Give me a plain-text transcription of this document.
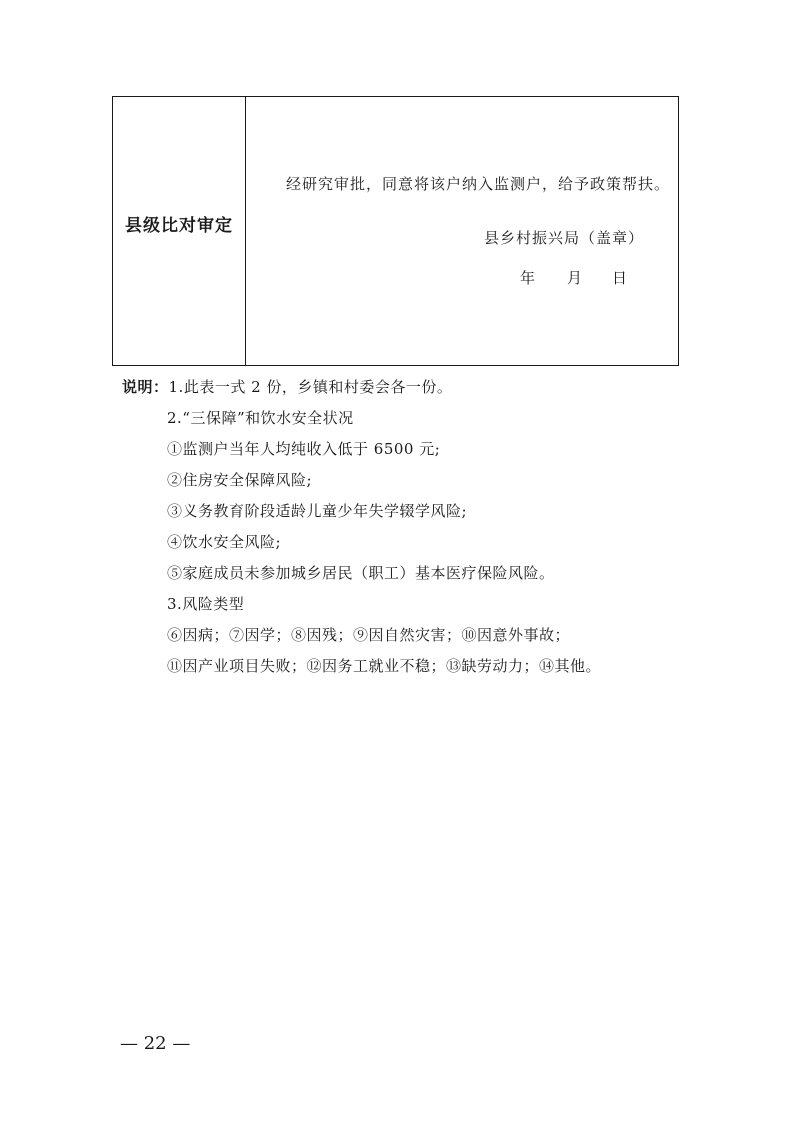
县级比对审定
经研究审批，同意将该户纳入监测户，给予政策帮扶。
县乡村振兴局（盖章）
年 月 日
说明：1.此表一式 2 份，乡镇和村委会各一份。
2.“三保障”和饮水安全状况
①监测户当年人均纯收入低于 6500 元;
②住房安全保障风险;
③义务教育阶段适龄儿童少年失学辍学风险;
④饮水安全风险;
⑤家庭成员未参加城乡居民（职工）基本医疗保险风险。
3.风险类型
⑥因病；⑦因学；⑧因残；⑨因自然灾害；⑩因意外事故；
⑪因产业项目失败；⑫因务工就业不稳；⑬缺劳动力；⑭其他。
— 22 —
